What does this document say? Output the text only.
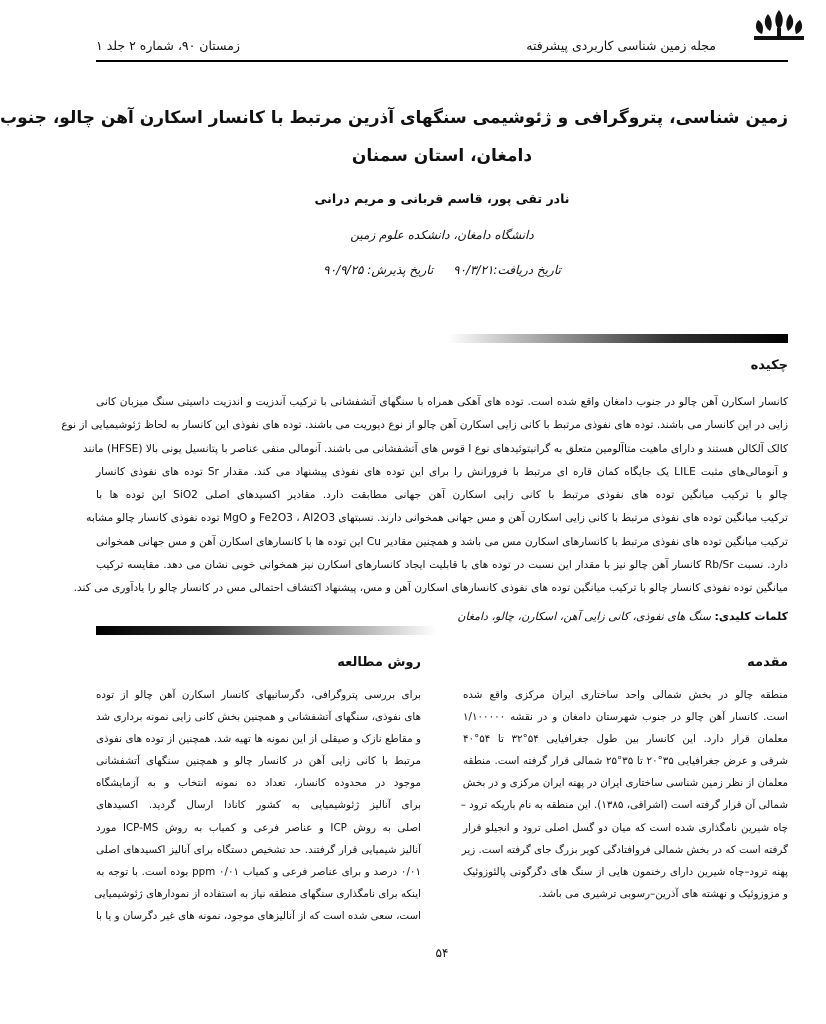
مجله زمین شناسی کاربردی پیشرفته
زمستان ۹۰، شماره ۲ جلد ۱
زمین شناسی، پتروگرافی و ژئوشیمی سنگهای آذرین مرتبط با کانسار اسکارن آهن چالو، جنوب
دامغان، استان سمنان
نادر تقی پور، قاسم قربانی و مریم درانی
دانشگاه دامغان، دانشکده علوم زمین
تاریخ دریافت:۹۰/۳/۲۱ تاریخ پذیرش: ۹۰/۹/۲۵
چکیده
کانسار اسکارن آهن چالو در جنوب دامغان واقع شده است. توده های آهکی همراه با سنگهای آتشفشانی با ترکیب آندزیت و اندزیت داسیتی سنگ میزبان کانی
زایی در این کانسار می باشند. توده های نفوذی مرتبط با کانی زایی اسکارن آهن چالو از نوع دیوریت می باشند. توده های نفوذی این کانسار به لحاظ ژئوشیمیایی از نوع
کالک آلکالن هستند و دارای ماهیت متاآلومین متعلق به گرانیتوئیدهای نوع I قوس های آتشفشانی می باشند. آنومالی منفی عناصر با پتانسیل یونی بالا (HFSE) مانند
و آنومالی‌های مثبت LILE یک جایگاه کمان قاره ای مرتبط با فرورانش را برای این توده های نفوذی پیشنهاد می کند. مقدار Sr توده های نفوذی کانسار
چالو با ترکیب میانگین توده های نفوذی مرتبط با کانی زایی اسکارن آهن جهانی مطابقت دارد. مقادیر اکسیدهای اصلی SiO2 این توده ها با
ترکیب میانگین توده های نفوذی مرتبط با کانی زایی اسکارن آهن و مس جهانی همخوانی دارند. نسبتهای Fe2O3 ، Al2O3 و MgO توده نفوذی کانسار چالو مشابه
ترکیب میانگین توده های نفوذی مرتبط با کانسارهای اسکارن مس می باشد و همچنین مقادیر Cu این توده ها با کانسارهای اسکارن آهن و مس جهانی همخوانی
دارد. نسبت Rb/Sr کانسار آهن چالو نیز با مقدار این نسبت در توده های با قابلیت ایجاد کانسارهای اسکارن نیز همخوانی خوبی نشان می دهد. مقایسه ترکیب
میانگین توده نفوذی کانسار چالو با ترکیب میانگین توده های نفوذی کانسارهای اسکارن آهن و مس، پیشنهاد اکتشاف احتمالی مس در کانسار چالو را یادآوری می کند.
کلمات کلیدی: سنگ های نفوذی، کانی زایی آهن، اسکارن، چالو، دامغان
مقدمه
روش مطالعه
منطقه چالو در بخش شمالی واحد ساختاری ایران مرکزی واقع شده
است. کانسار آهن چالو در جنوب شهرستان دامغان و در نقشه ۱/۱۰۰۰۰۰
معلمان قرار دارد. این کانسار بین طول جغرافیایی ۵۴°۳۲ تا ۵۴°۴۰
شرقی و عرض جغرافیایی ۳۵°۲۰ تا ۳۵°۲۵ شمالی قرار گرفته است. منطقه
معلمان از نظر زمین شناسی ساختاری ایران در پهنه ایران مرکزی و در بخش
شمالی آن قرار گرفته است (اشراقی، ۱۳۸۵). این منطقه به نام باریکه ترود –
چاه شیرین نامگذاری شده است که میان دو گسل اصلی ترود و انجیلو قرار
گرفته است که در بخش شمالی فروافتادگی کویر بزرگ جای گرفته است. زیر
پهنه ترود–چاه شیرین دارای رخنمون هایی از سنگ های دگرگونی پالئوزوئیک
و مزوزوئیک و نهشته های آذرین–رسوبی ترشیری می باشد.
برای بررسی پتروگرافی، دگرسانیهای کانسار اسکارن آهن چالو از توده
های نفوذی، سنگهای آتشفشانی و همچنین بخش کانی زایی نمونه برداری شد
و مقاطع نازک و صیقلی از این نمونه ها تهیه شد. همچنین از توده های نفوذی
مرتبط با کانی زایی آهن در کانسار چالو و همچنین سنگهای آتشفشانی
موجود در محدوده کانسار، تعداد ده نمونه انتخاب و به آزمایشگاه
برای آنالیز ژئوشیمیایی به کشور کانادا ارسال گردید. اکسیدهای
اصلی به روش ICP و عناصر فرعی و کمیاب به روش ICP-MS مورد
آنالیز شیمیایی قرار گرفتند. حد تشخیص دستگاه برای آنالیز اکسیدهای اصلی
۰/۰۱ درصد و برای عناصر فرعی و کمیاب ۰/۰۱ ppm بوده است. با توجه به
اینکه برای نامگذاری سنگهای منطقه نیاز به استفاده از نمودارهای ژئوشیمیایی
است، سعی شده است که از آنالیزهای موجود، نمونه های غیر دگرسان و یا با
۵۴
